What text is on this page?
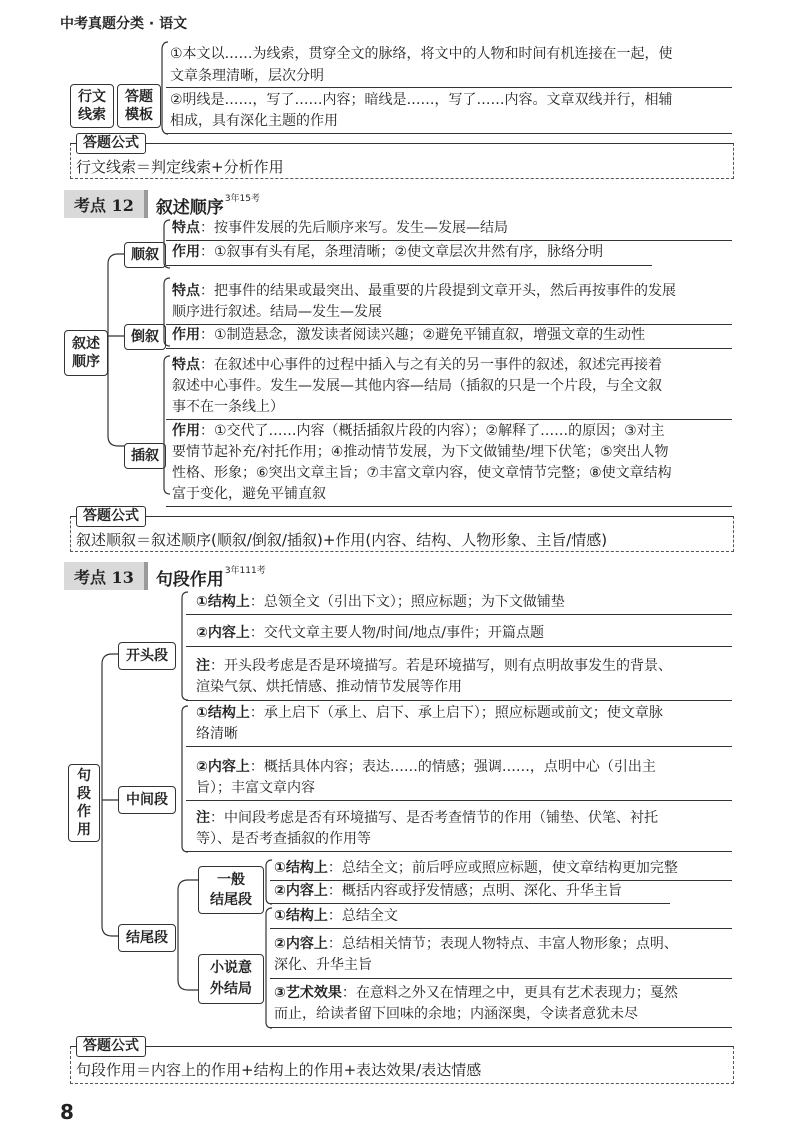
中考真题分类 · 语文
行文
线索
答题
模板
①本文以……为线索，贯穿全文的脉络，将文中的人物和时间有机连接在一起，使
文章条理清晰，层次分明
②明线是……，写了……内容；暗线是……，写了……内容。文章双线并行，相辅
相成，具有深化主题的作用
答题公式
行文线索＝判定线索+分析作用
考点 12	叙述顺序$^{3年15考}$
叙述
顺序
顺叙
特点：按事件发展的先后顺序来写。发生—发展—结局
作用：①叙事有头有尾，条理清晰；②使文章层次井然有序，脉络分明
倒叙
特点：把事件的结果或最突出、最重要的片段提到文章开头，然后再按事件的发展
顺序进行叙述。结局—发生—发展
作用：①制造悬念，激发读者阅读兴趣；②避免平铺直叙，增强文章的生动性
插叙
特点：在叙述中心事件的过程中插入与之有关的另一事件的叙述，叙述完再接着
叙述中心事件。发生—发展—其他内容—结局（插叙的只是一个片段，与全文叙
事不在一条线上）
作用：①交代了……内容（概括插叙片段的内容）；②解释了……的原因；③对主
要情节起补充/衬托作用；④推动情节发展，为下文做铺垫/埋下伏笔；⑤突出人物
性格、形象；⑥突出文章主旨；⑦丰富文章内容，使文章情节完整；⑧使文章结构
富于变化，避免平铺直叙
答题公式
叙述顺叙＝叙述顺序(顺叙/倒叙/插叙)+作用(内容、结构、人物形象、主旨/情感)
考点 13	句段作用$^{3年111考}$
句
段
作
用
开头段
①结构上：总领全文（引出下文）；照应标题；为下文做铺垫
②内容上：交代文章主要人物/时间/地点/事件；开篇点题
注：开头段考虑是否是环境描写。若是环境描写，则有点明故事发生的背景、
渲染气氛、烘托情感、推动情节发展等作用
中间段
①结构上：承上启下（承上、启下、承上启下）；照应标题或前文；使文章脉
络清晰
②内容上：概括具体内容；表达……的情感；强调……，点明中心（引出主
旨）；丰富文章内容
注：中间段考虑是否有环境描写、是否考查情节的作用（铺垫、伏笔、衬托
等）、是否考查插叙的作用等
结尾段
一般
结尾段
①结构上：总结全文；前后呼应或照应标题，使文章结构更加完整
②内容上：概括内容或抒发情感；点明、深化、升华主旨
小说意
外结局
①结构上：总结全文
②内容上：总结相关情节；表现人物特点、丰富人物形象；点明、
深化、升华主旨
③艺术效果：在意料之外又在情理之中，更具有艺术表现力；戛然
而止，给读者留下回味的余地；内涵深奥，令读者意犹未尽
答题公式
句段作用＝内容上的作用+结构上的作用+表达效果/表达情感
8
